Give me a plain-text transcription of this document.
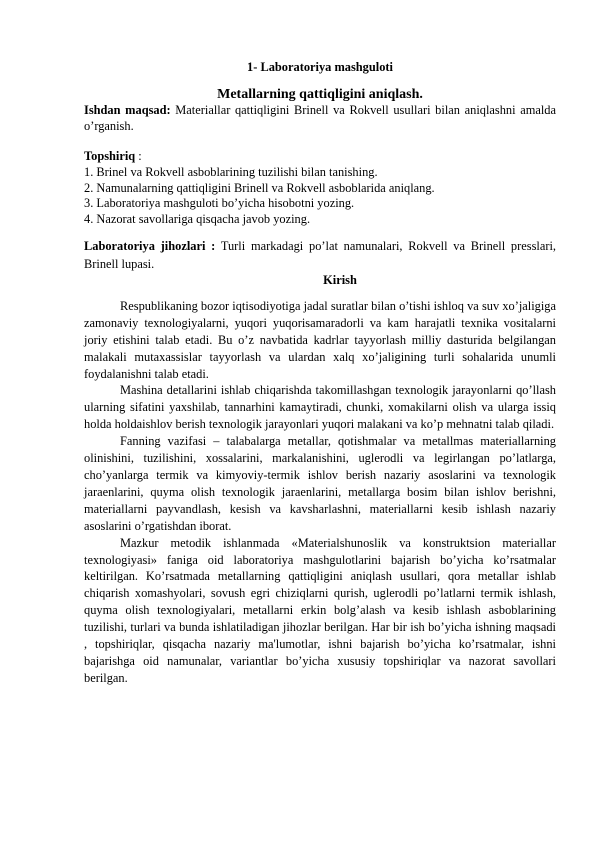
1- Laboratoriya mashguloti
Metallarning qattiqligini aniqlash.
Ishdan maqsad: Materiallar qattiqligini Brinell va Rokvell usullari bilan aniqlashni amalda o’rganish.
Topshiriq :
1. Brinel va Rokvell asboblarining tuzilishi bilan tanishing.
2. Namunalarning qattiqligini Brinell va Rokvell asboblarida aniqlang.
3. Laboratoriya mashguloti bo’yicha hisobotni yozing.
4. Nazorat savollariga qisqacha javob yozing.
Laboratoriya jihozlari : Turli markadagi po’lat namunalari, Rokvell va Brinell presslari, Brinell lupasi.
Kirish

Respublikaning bozor iqtisodiyotiga jadal suratlar bilan o’tishi ishloq va suv xo’jaligiga zamonaviy texnologiyalarni, yuqori yuqorisamaradorli va kam harajatli texnika vositalarni joriy etishini talab etadi. Bu o’z navbatida kadrlar tayyorlash milliy dasturida belgilangan malakali mutaxassislar tayyorlash va ulardan xalq xo’jaligining turli sohalarida unumli foydalanishni talab etadi.

Mashina detallarini ishlab chiqarishda takomillashgan texnologik jarayonlarni qo’llash ularning sifatini yaxshilab, tannarhini kamaytiradi, chunki, xomakilarni olish va ularga issiq holda holdaishlov berish texnologik jarayonlari yuqori malakani va ko’p mehnatni talab qiladi.

Fanning vazifasi – talabalarga metallar, qotishmalar va metallmas materiallarning olinishini, tuzilishini, xossalarini, markalanishini, uglerodli va legirlangan po’latlarga, cho’yanlarga termik va kimyoviy-termik ishlov berish nazariy asoslarini va texnologik jaraenlarini, quyma olish texnologik jaraenlarini, metallarga bosim bilan ishlov berishni, materiallarni payvandlash, kesish va kavsharlashni, materiallarni kesib ishlash nazariy asoslarini o’rgatishdan iborat.

Mazkur metodik ishlanmada «Materialshunoslik va konstruktsion materiallar texnologiyasi» faniga oid laboratoriya mashgulotlarini bajarish bo’yicha ko’rsatmalar keltirilgan. Ko’rsatmada metallarning qattiqligini aniqlash usullari, qora metallar ishlab chiqarish xomashyolari, sovush egri chiziqlarni qurish, uglerodli po’latlarni termik ishlash, quyma olish texnologiyalari, metallarni erkin bolg’alash va kesib ishlash asboblarining tuzilishi, turlari va bunda ishlatiladigan jihozlar berilgan. Har bir ish bo’yicha ishning maqsadi , topshiriqlar, qisqacha nazariy ma'lumotlar, ishni bajarish bo’yicha ko’rsatmalar, ishni bajarishga oid namunalar, variantlar bo’yicha xususiy topshiriqlar va nazorat savollari berilgan.
